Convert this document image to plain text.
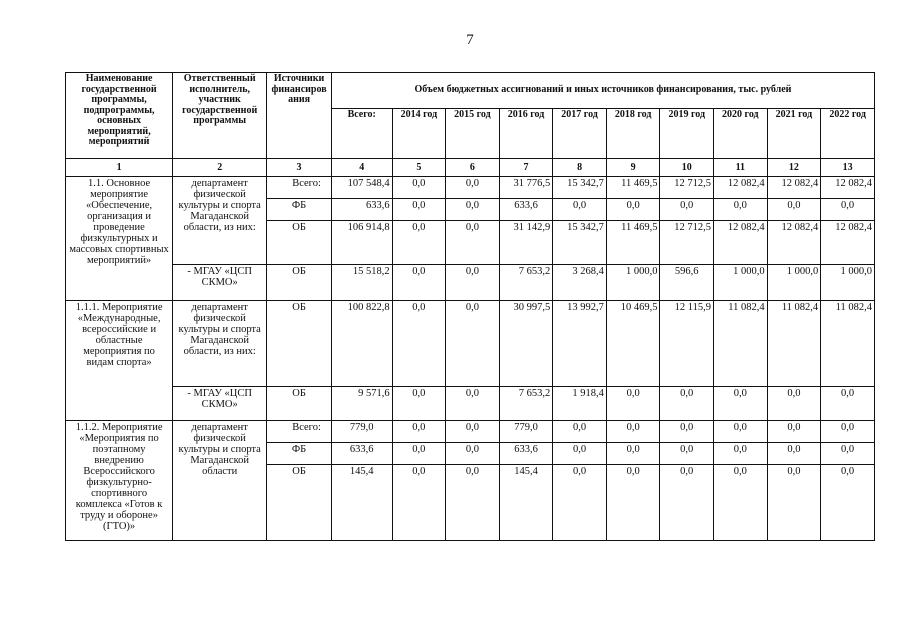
7
Наименование государственной программы, подпрограммы, основных мероприятий, мероприятий	Ответственный исполнитель, участник государственной программы	Источники финансиров ания	Объем бюджетных ассигнований и иных источников финансирования, тыс. рублей									
			Всего:	2014 год	2015 год	2016 год	2017 год	2018 год	2019 год	2020 год	2021 год	2022 год
1	2	3	4	5	6	7	8	9	10	11	12	13
1.1. Основное мероприятие «Обеспечение, организация и проведение физкультурных и массовых спортивных мероприятий»	департамент физической культуры и спорта Магаданской области, из них:	Всего:	107 548,4	0,0	0,0	31 776,5	15 342,7	11 469,5	12 712,5	12 082,4	12 082,4	12 082,4
		ФБ	633,6	0,0	0,0	633,6	0,0	0,0	0,0	0,0	0,0	0,0
		ОБ	106 914,8	0,0	0,0	31 142,9	15 342,7	11 469,5	12 712,5	12 082,4	12 082,4	12 082,4
	- МГАУ «ЦСП СКМО»	ОБ	15 518,2	0,0	0,0	7 653,2	3 268,4	1 000,0	596,6	1 000,0	1 000,0	1 000,0
1.1.1. Мероприятие «Международные, всероссийские и областные мероприятия по видам спорта»	департамент физической культуры и спорта Магаданской области, из них:	ОБ	100 822,8	0,0	0,0	30 997,5	13 992,7	10 469,5	12 115,9	11 082,4	11 082,4	11 082,4
	- МГАУ «ЦСП СКМО»	ОБ	9 571,6	0,0	0,0	7 653,2	1 918,4	0,0	0,0	0,0	0,0	0,0
1.1.2. Мероприятие «Мероприятия по поэтапному внедрению Всероссийского физкультурно-спортивного комплекса «Готов к труду и обороне» (ГТО)»	департамент физической культуры и спорта Магаданской области	Всего:	779,0	0,0	0,0	779,0	0,0	0,0	0,0	0,0	0,0	0,0
		ФБ	633,6	0,0	0,0	633,6	0,0	0,0	0,0	0,0	0,0	0,0
		ОБ	145,4	0,0	0,0	145,4	0,0	0,0	0,0	0,0	0,0	0,0
